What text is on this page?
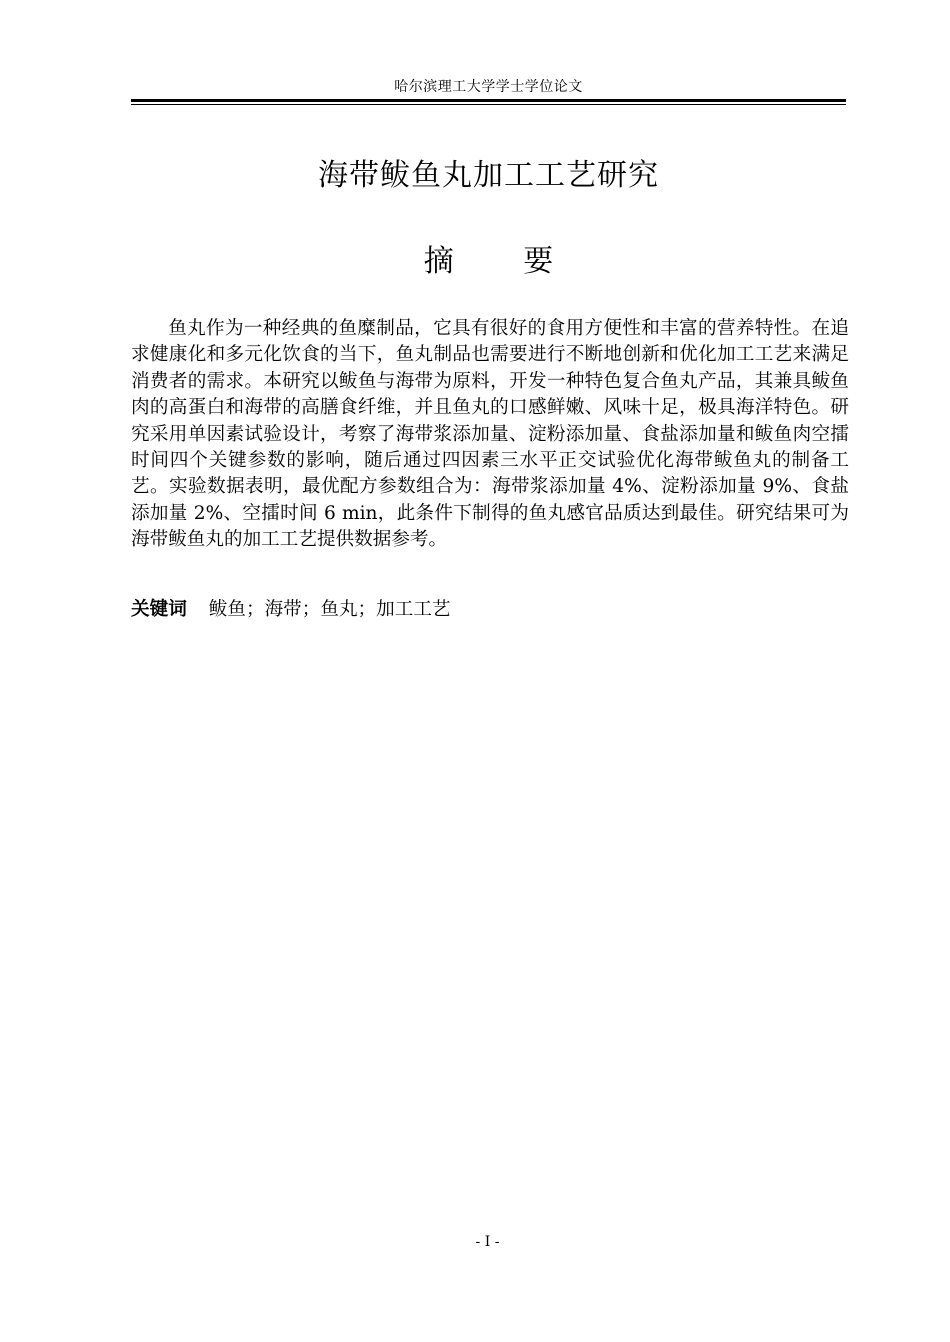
哈尔滨理工大学学士学位论文
海带鲅鱼丸加工工艺研究
摘 要

鱼丸作为一种经典的鱼糜制品，它具有很好的食用方便性和丰富的营养特性。在追求健康化和多元化饮食的当下，鱼丸制品也需要进行不断地创新和优化加工工艺来满足消费者的需求。本研究以鲅鱼与海带为原料，开发一种特色复合鱼丸产品，其兼具鲅鱼肉的高蛋白和海带的高膳食纤维，并且鱼丸的口感鲜嫩、风味十足，极具海洋特色。研究采用单因素试验设计，考察了海带浆添加量、淀粉添加量、食盐添加量和鲅鱼肉空擂时间四个关键参数的影响，随后通过四因素三水平正交试验优化海带鲅鱼丸的制备工艺。实验数据表明，最优配方参数组合为：海带浆添加量 4%、淀粉添加量 9%、食盐添加量 2%、空擂时间 6 min，此条件下制得的鱼丸感官品质达到最佳。研究结果可为海带鲅鱼丸的加工工艺提供数据参考。

关键词 鲅鱼；海带；鱼丸；加工工艺
- I -
